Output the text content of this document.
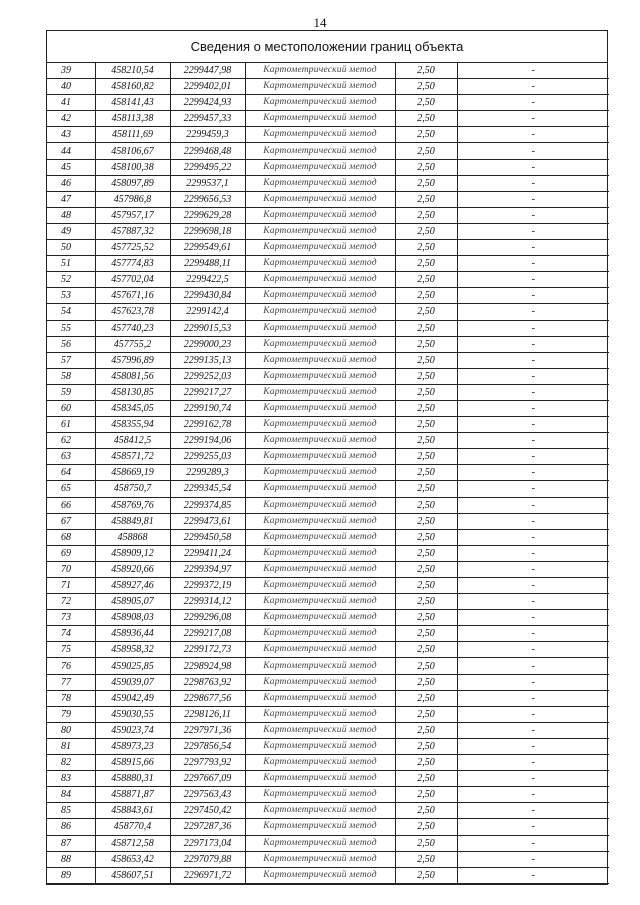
14
Сведения о местоположении границ объекта
39	458210,54	2299447,98	Картометрический метод	2,50	-
40	458160,82	2299402,01	Картометрический метод	2,50	-
41	458141,43	2299424,93	Картометрический метод	2,50	-
42	458113,38	2299457,33	Картометрический метод	2,50	-
43	458111,69	2299459,3	Картометрический метод	2,50	-
44	458106,67	2299468,48	Картометрический метод	2,50	-
45	458100,38	2299495,22	Картометрический метод	2,50	-
46	458097,89	2299537,1	Картометрический метод	2,50	-
47	457986,8	2299656,53	Картометрический метод	2,50	-
48	457957,17	2299629,28	Картометрический метод	2,50	-
49	457887,32	2299698,18	Картометрический метод	2,50	-
50	457725,52	2299549,61	Картометрический метод	2,50	-
51	457774,83	2299488,11	Картометрический метод	2,50	-
52	457702,04	2299422,5	Картометрический метод	2,50	-
53	457671,16	2299430,84	Картометрический метод	2,50	-
54	457623,78	2299142,4	Картометрический метод	2,50	-
55	457740,23	2299015,53	Картометрический метод	2,50	-
56	457755,2	2299000,23	Картометрический метод	2,50	-
57	457996,89	2299135,13	Картометрический метод	2,50	-
58	458081,56	2299252,03	Картометрический метод	2,50	-
59	458130,85	2299217,27	Картометрический метод	2,50	-
60	458345,05	2299190,74	Картометрический метод	2,50	-
61	458355,94	2299162,78	Картометрический метод	2,50	-
62	458412,5	2299194,06	Картометрический метод	2,50	-
63	458571,72	2299255,03	Картометрический метод	2,50	-
64	458669,19	2299289,3	Картометрический метод	2,50	-
65	458750,7	2299345,54	Картометрический метод	2,50	-
66	458769,76	2299374,85	Картометрический метод	2,50	-
67	458849,81	2299473,61	Картометрический метод	2,50	-
68	458868	2299450,58	Картометрический метод	2,50	-
69	458909,12	2299411,24	Картометрический метод	2,50	-
70	458920,66	2299394,97	Картометрический метод	2,50	-
71	458927,46	2299372,19	Картометрический метод	2,50	-
72	458905,07	2299314,12	Картометрический метод	2,50	-
73	458908,03	2299296,08	Картометрический метод	2,50	-
74	458936,44	2299217,08	Картометрический метод	2,50	-
75	458958,32	2299172,73	Картометрический метод	2,50	-
76	459025,85	2298924,98	Картометрический метод	2,50	-
77	459039,07	2298763,92	Картометрический метод	2,50	-
78	459042,49	2298677,56	Картометрический метод	2,50	-
79	459030,55	2298126,11	Картометрический метод	2,50	-
80	459023,74	2297971,36	Картометрический метод	2,50	-
81	458973,23	2297856,54	Картометрический метод	2,50	-
82	458915,66	2297793,92	Картометрический метод	2,50	-
83	458880,31	2297667,09	Картометрический метод	2,50	-
84	458871,87	2297563,43	Картометрический метод	2,50	-
85	458843,61	2297450,42	Картометрический метод	2,50	-
86	458770,4	2297287,36	Картометрический метод	2,50	-
87	458712,58	2297173,04	Картометрический метод	2,50	-
88	458653,42	2297079,88	Картометрический метод	2,50	-
89	458607,51	2296971,72	Картометрический метод	2,50	-
